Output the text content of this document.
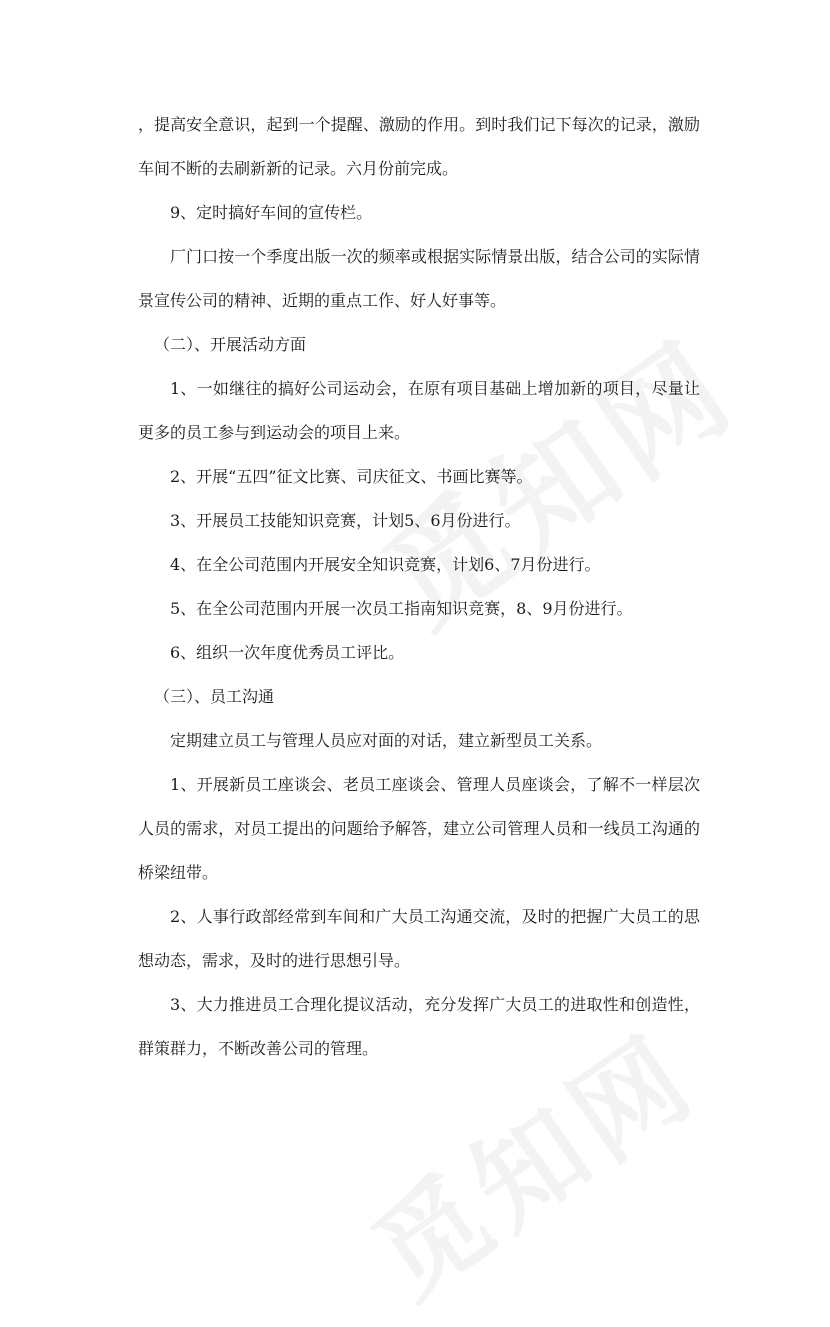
，提高安全意识，起到一个提醒、激励的作用。到时我们记下每次的记录，激励车间不断的去刷新新的记录。六月份前完成。

9、定时搞好车间的宣传栏。

厂门口按一个季度出版一次的频率或根据实际情景出版，结合公司的实际情景宣传公司的精神、近期的重点工作、好人好事等。

（二）、开展活动方面

1、一如继往的搞好公司运动会，在原有项目基础上增加新的项目，尽量让更多的员工参与到运动会的项目上来。

2、开展“五四”征文比赛、司庆征文、书画比赛等。

3、开展员工技能知识竞赛，计划5、6月份进行。

4、在全公司范围内开展安全知识竞赛，计划6、7月份进行。

5、在全公司范围内开展一次员工指南知识竞赛，8、9月份进行。

6、组织一次年度优秀员工评比。

（三）、员工沟通

定期建立员工与管理人员应对面的对话，建立新型员工关系。

1、开展新员工座谈会、老员工座谈会、管理人员座谈会，了解不一样层次人员的需求，对员工提出的问题给予解答，建立公司管理人员和一线员工沟通的桥梁纽带。

2、人事行政部经常到车间和广大员工沟通交流，及时的把握广大员工的思想动态，需求，及时的进行思想引导。

3、大力推进员工合理化提议活动，充分发挥广大员工的进取性和创造性，群策群力，不断改善公司的管理。
